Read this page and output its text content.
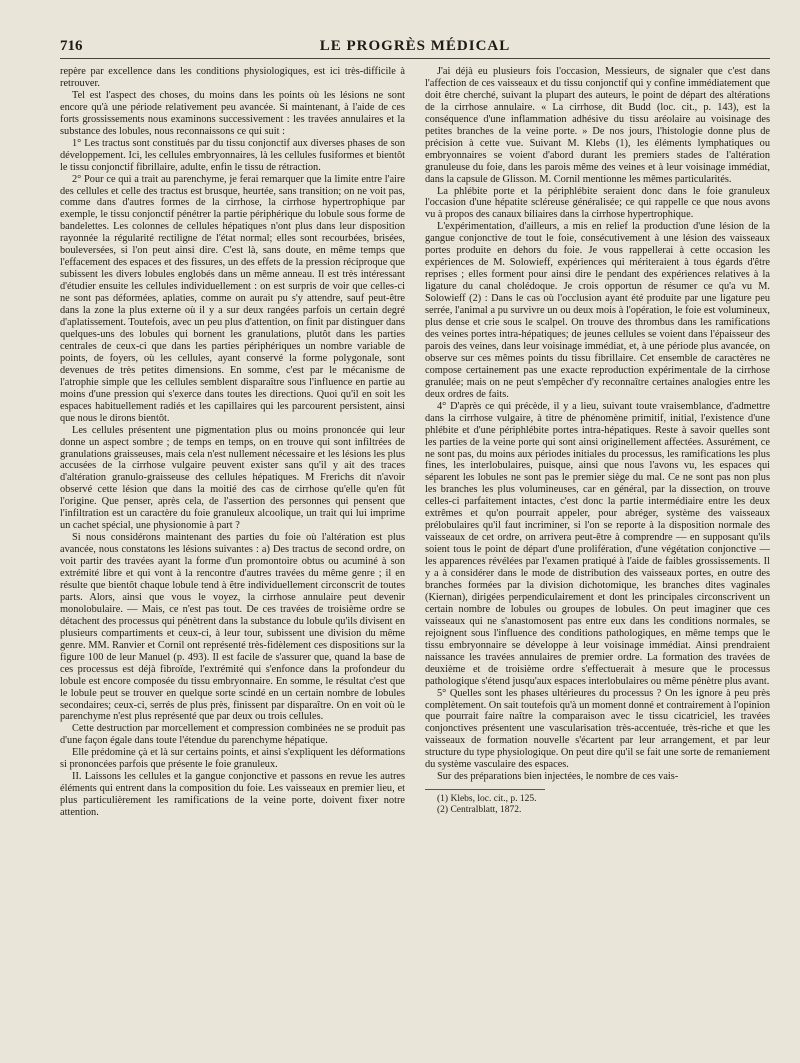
716	LE PROGRÈS MÉDICAL

repère par excellence dans les conditions physiologiques, est ici très-difficile à retrouver.

Tel est l'aspect des choses, du moins dans les points où les lésions ne sont encore qu'à une période relativement peu avancée. Si maintenant, à l'aide de ces forts grossissements nous examinons successivement : les travées annulaires et la substance des lobules, nous reconnaissons ce qui suit :

1° Les tractus sont constitués par du tissu conjonctif aux diverses phases de son développement. Ici, les cellules embryonnaires, là les cellules fusiformes et bientôt le tissu conjonctif fibrillaire, adulte, enfin le tissu de rétraction.

2° Pour ce qui a trait au parenchyme, je ferai remarquer que la limite entre l'aire des cellules et celle des tractus est brusque, heurtée, sans transition; on ne voit pas, comme dans d'autres formes de la cirrhose, la cirrhose hypertrophique par exemple, le tissu conjonctif pénétrer la partie périphérique du lobule sous forme de bandelettes. Les colonnes de cellules hépatiques n'ont plus dans leur disposition rayonnée la régularité rectiligne de l'état normal; elles sont recourbées, brisées, bouleversées, si l'on peut ainsi dire. C'est là, sans doute, en même temps que l'effacement des espaces et des fissures, un des effets de la pression réciproque que subissent les divers lobules englobés dans un même anneau. Il est très intéressant d'étudier ensuite les cellules individuellement : on est surpris de voir que celles-ci ne sont pas déformées, aplaties, comme on aurait pu s'y attendre, sauf peut-être dans la zone la plus externe où il y a sur deux rangées parfois un certain degré d'aplatissement. Toutefois, avec un peu plus d'attention, on finit par distinguer dans quelques-uns des lobules qui bornent les granulations, plutôt dans les parties centrales de ceux-ci que dans les parties périphériques un nombre variable de points, de foyers, où les cellules, ayant conservé la forme polygonale, sont devenues de très petites dimensions. En somme, c'est par le mécanisme de l'atrophie simple que les cellules semblent disparaître sous l'influence en partie au moins d'une pression qui s'exerce dans toutes les directions. Quoi qu'il en soit les espaces habituellement radiés et les capillaires qui les parcourent persistent, ainsi que nous le dirons bientôt.

Les cellules présentent une pigmentation plus ou moins prononcée qui leur donne un aspect sombre ; de temps en temps, on en trouve qui sont infiltrées de granulations graisseuses, mais cela n'est nullement nécessaire et les lésions les plus accusées de la cirrhose vulgaire peuvent exister sans qu'il y ait des traces d'altération granulo-graisseuse des cellules hépatiques. M Frerichs dit n'avoir observé cette lésion que dans la moitié des cas de cirrhose qu'elle qu'en fût l'origine. Que penser, après cela, de l'assertion des personnes qui pensent que l'infiltration est un caractère du foie granuleux alcoolique, un trait qui lui imprime un cachet spécial, une physionomie à part ?

Si nous considérons maintenant des parties du foie où l'altération est plus avancée, nous constatons les lésions suivantes : a) Des tractus de second ordre, on voit partir des travées ayant la forme d'un promontoire obtus ou acuminé à son extrémité libre et qui vont à la rencontre d'autres travées du même genre ; il en résulte que bientôt chaque lobule tend à être individuellement circonscrit de toutes parts. Alors, ainsi que vous le voyez, la cirrhose annulaire peut devenir monolobulaire. — Mais, ce n'est pas tout. De ces travées de troisième ordre se détachent des processus qui pénètrent dans la substance du lobule qu'ils divisent en plusieurs compartiments et ceux-ci, à leur tour, subissent une division du même genre. MM. Ranvier et Cornil ont représenté très-fidèlement ces dispositions sur la figure 100 de leur Manuel (p. 493). Il est facile de s'assurer que, quand la base de ces processus est déjà fibroïde, l'extrémité qui s'enfonce dans la profondeur du lobule est encore composée du tissu embryonnaire. En somme, le résultat c'est que le lobule peut se trouver en quelque sorte scindé en un certain nombre de lobules secondaires; ceux-ci, serrés de plus près, finissent par disparaître. On en voit où le parenchyme n'est plus représenté que par deux ou trois cellules.

Cette destruction par morcellement et compression combinées ne se produit pas d'une façon égale dans toute l'étendue du parenchyme hépatique.

Elle prédomine çà et là sur certains points, et ainsi s'expliquent les déformations si prononcées parfois que présente le foie granuleux.

II. Laissons les cellules et la gangue conjonctive et passons en revue les autres éléments qui entrent dans la composition du foie. Les vaisseaux en premier lieu, et plus particulièrement les ramifications de la veine porte, doivent fixer notre attention.

J'ai déjà eu plusieurs fois l'occasion, Messieurs, de signaler que c'est dans l'affection de ces vaisseaux et du tissu conjonctif qui y confine immédiatement que doit être cherché, suivant la plupart des auteurs, le point de départ des altérations de la cirrhose annulaire. « La cirrhose, dit Budd (loc. cit., p. 143), est la conséquence d'une inflammation adhésive du tissu aréolaire au voisinage des petites branches de la veine porte. » De nos jours, l'histologie donne plus de précision à cette vue. Suivant M. Klebs (1), les éléments lymphatiques ou embryonnaires se voient d'abord durant les premiers stades de l'altération granuleuse du foie, dans les parois même des veines et à leur voisinage immédiat, dans la capsule de Glisson. M. Cornil mentionne les mêmes particularités.

La phlébite porte et la périphlébite seraient donc dans le foie granuleux l'occasion d'une hépatite scléreuse généralisée; ce qui rappelle ce que nous avons vu à propos des canaux biliaires dans la cirrhose hypertrophique.

L'expérimentation, d'ailleurs, a mis en relief la production d'une lésion de la gangue conjonctive de tout le foie, consécutivement à une lésion des vaisseaux portes produite en dehors du foie. Je vous rappellerai à cette occasion les expériences de M. Solowieff, expériences qui mériteraient à tous égards d'être reprises ; elles forment pour ainsi dire le pendant des expériences relatives à la ligature du canal cholédoque. Je crois opportun de résumer ce qu'a vu M. Solowieff (2) : Dans le cas où l'occlusion ayant été produite par une ligature peu serrée, l'animal a pu survivre un ou deux mois à l'opération, le foie est volumineux, plus dense et crie sous le scalpel. On trouve des thrombus dans les ramifications des veines portes intra-hépatiques; de jeunes cellules se voient dans l'épaisseur des parois des veines, dans leur voisinage immédiat, et, à une période plus avancée, on observe sur ces mêmes points du tissu fibrillaire. Cet ensemble de caractères ne compose certainement pas une exacte reproduction expérimentale de la cirrhose granulée; mais on ne peut s'empêcher d'y reconnaître certaines analogies entre les deux ordres de faits.

4° D'après ce qui précède, il y a lieu, suivant toute vraisemblance, d'admettre dans la cirrhose vulgaire, à titre de phénomène primitif, initial, l'existence d'une phlébite et d'une périphlébite portes intra-hépatiques. Reste à savoir quelles sont les parties de la veine porte qui sont ainsi originellement affectées. Assurément, ce ne sont pas, du moins aux périodes initiales du processus, les ramifications les plus fines, les interlobulaires, puisque, ainsi que nous l'avons vu, les espaces qui séparent les lobules ne sont pas le premier siège du mal. Ce ne sont pas non plus les branches les plus volumineuses, car en général, par la dissection, on trouve celles-ci parfaitement intactes, c'est donc la partie intermédiaire entre les deux extrêmes et qu'on pourrait appeler, pour abréger, système des vaisseaux prélobulaires qu'il faut incriminer, si l'on se reporte à la disposition normale des vaisseaux de cet ordre, on arrivera peut-être à comprendre — en supposant qu'ils soient tous le point de départ d'une prolifération, d'une végétation conjonctive — les apparences révélées par l'examen pratiqué à l'aide de faibles grossissements. Il y a à considérer dans le mode de distribution des vaisseaux portes, en outre des branches formées par la division dichotomique, les branches dites vaginales (Kiernan), dirigées perpendiculairement et dont les principales circonscrivent un certain nombre de lobules ou groupes de lobules. On peut imaginer que ces vaisseaux qui ne s'anastomosent pas entre eux dans les conditions normales, se rejoignent sous l'influence des conditions pathologiques, en même temps que le tissu embryonnaire se développe à leur voisinage immédiat. Ainsi prendraient naissance les travées annulaires de premier ordre. La formation des travées de deuxième et de troisième ordre s'effectuerait à mesure que le processus pathologique s'étend jusqu'aux espaces interlobulaires ou même pénètre plus avant.

5° Quelles sont les phases ultérieures du processus ? On les ignore à peu près complètement. On sait toutefois qu'à un moment donné et contrairement à l'opinion que pourrait faire naître la comparaison avec le tissu cicatriciel, les travées conjonctives présentent une vascularisation très-accentuée, très-riche et que les vaisseaux de formation nouvelle s'écartent par leur arrangement, et par leur structure du type physiologique. On peut dire qu'il se fait une sorte de remaniement du système vasculaire des espaces.

Sur des préparations bien injectées, le nombre de ces vais-

(1) Klebs, loc. cit., p. 125.

(2) Centralblatt, 1872.
